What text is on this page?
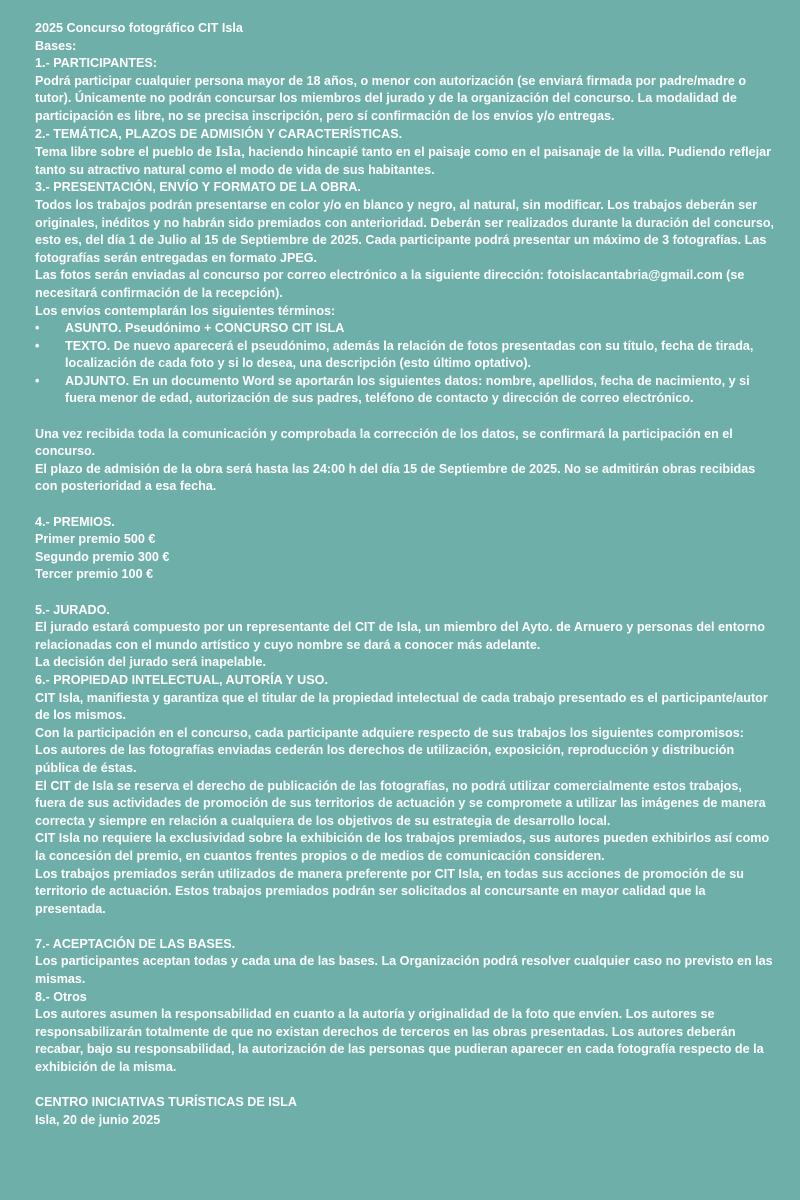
2025 Concurso fotográfico CIT Isla
Bases:
1.- PARTICIPANTES:
Podrá participar cualquier persona mayor de 18 años, o menor con autorización (se enviará firmada por padre/madre o tutor). Únicamente no podrán concursar los miembros del jurado y de la organización del concurso. La modalidad de participación es libre, no se precisa inscripción, pero sí confirmación de los envíos y/o entregas.
2.- TEMÁTICA, PLAZOS DE ADMISIÓN Y CARACTERÍSTICAS.
Tema libre sobre el pueblo de Isla, haciendo hincapié tanto en el paisaje como en el paisanaje de la villa. Pudiendo reflejar tanto su atractivo natural como el modo de vida de sus habitantes.
3.- PRESENTACIÓN, ENVÍO Y FORMATO DE LA OBRA.
Todos los trabajos podrán presentarse en color y/o en blanco y negro, al natural, sin modificar. Los trabajos deberán ser originales, inéditos y no habrán sido premiados con anterioridad. Deberán ser realizados durante la duración del concurso, esto es, del día 1 de Julio al 15 de Septiembre de 2025. Cada participante podrá presentar un máximo de 3 fotografías. Las fotografías serán entregadas en formato JPEG.
Las fotos serán enviadas al concurso por correo electrónico a la siguiente dirección: fotoislacantabria@gmail.com (se necesitará confirmación de la recepción).
Los envíos contemplarán los siguientes términos:
•	ASUNTO. Pseudónimo + CONCURSO CIT ISLA
•	TEXTO. De nuevo aparecerá el pseudónimo, además la relación de fotos presentadas con su título, fecha de tirada, localización de cada foto y si lo desea, una descripción (esto último optativo).
•	ADJUNTO. En un documento Word se aportarán los siguientes datos: nombre, apellidos, fecha de nacimiento, y si fuera menor de edad, autorización de sus padres, teléfono de contacto y dirección de correo electrónico.
Una vez recibida toda la comunicación y comprobada la corrección de los datos, se confirmará la participación en el concurso.
El plazo de admisión de la obra será hasta las 24:00 h del día 15 de Septiembre de 2025. No se admitirán obras recibidas con posterioridad a esa fecha.
4.- PREMIOS.
Primer premio 500 €
Segundo premio 300 €
Tercer premio 100 €
5.- JURADO.
El jurado estará compuesto por un representante del CIT de Isla, un miembro del Ayto. de Arnuero y personas del entorno relacionadas con el mundo artístico y cuyo nombre se dará a conocer más adelante.
La decisión del jurado será inapelable.
6.- PROPIEDAD INTELECTUAL, AUTORÍA Y USO.
CIT Isla, manifiesta y garantiza que el titular de la propiedad intelectual de cada trabajo presentado es el participante/autor de los mismos.
Con la participación en el concurso, cada participante adquiere respecto de sus trabajos los siguientes compromisos:
Los autores de las fotografías enviadas cederán los derechos de utilización, exposición, reproducción y distribución pública de éstas.
El CIT de Isla se reserva el derecho de publicación de las fotografías, no podrá utilizar comercialmente estos trabajos, fuera de sus actividades de promoción de sus territorios de actuación y se compromete a utilizar las imágenes de manera correcta y siempre en relación a cualquiera de los objetivos de su estrategia de desarrollo local.
CIT Isla no requiere la exclusividad sobre la exhibición de los trabajos premiados, sus autores pueden exhibirlos así como la concesión del premio, en cuantos frentes propios o de medios de comunicación consideren.
Los trabajos premiados serán utilizados de manera preferente por CIT Isla, en todas sus acciones de promoción de su territorio de actuación. Estos trabajos premiados podrán ser solicitados al concursante en mayor calidad que la presentada.
7.- ACEPTACIÓN DE LAS BASES.
Los participantes aceptan todas y cada una de las bases. La Organización podrá resolver cualquier caso no previsto en las mismas.
8.- Otros
Los autores asumen la responsabilidad en cuanto a la autoría y originalidad de la foto que envíen. Los autores se responsabilizarán totalmente de que no existan derechos de terceros en las obras presentadas. Los autores deberán recabar, bajo su responsabilidad, la autorización de las personas que pudieran aparecer en cada fotografía respecto de la exhibición de la misma.
CENTRO INICIATIVAS TURÍSTICAS DE ISLA
Isla, 20 de junio 2025
